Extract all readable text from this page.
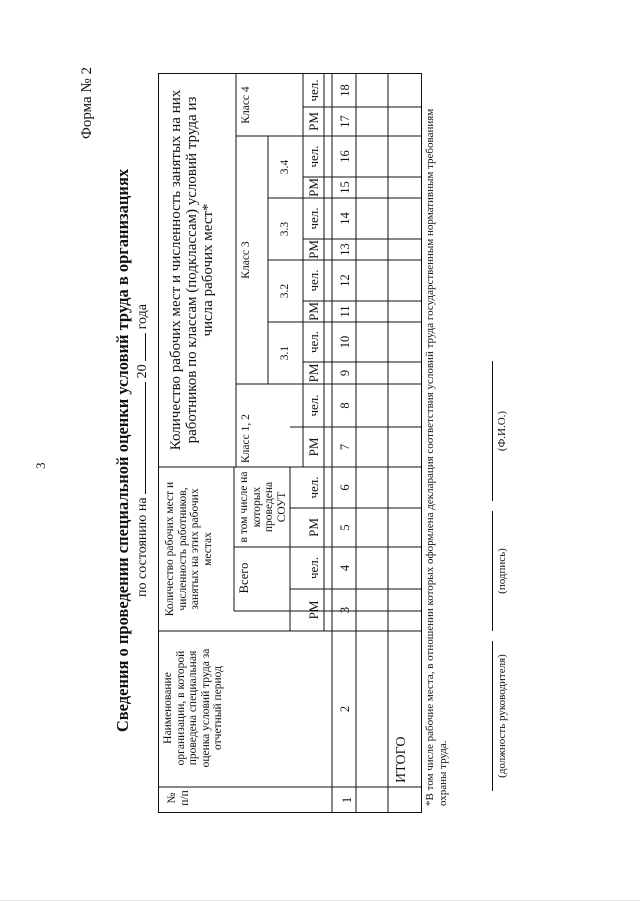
3
Форма № 2
Сведения о проведении специальной оценки условий труда в организациях по состоянию на  20  года
№ п/п
Наименование организации, в которой проведена специальная оценка условий труда за отчетный период
Количество рабочих мест и численность работников, занятых на этих рабочих местах
Всего
в том числе на которых проведена СОУТ
Количество рабочих мест и численность занятых на них работников по классам (подклассам) условий труда из числа рабочих мест*
Класс 1, 2
Класс 3
3.1
3.2
3.3
3.4
Класс 4
1
ИТОГО *В том числе рабочие места, в отношении которых оформлена декларация соответствия условий труда государственным нормативным требованиям охраны труда.	(должность руководителя)
(подпись)
(Ф.И.О.)
РМ
чел.
РМ
чел.
РМ
чел.
РМ
чел.
РМ
чел.
РМ
чел.
РМ
чел.
РМ
чел.
2
3
4
5
6
7
8
9
10
11
12
13
14
15
16
17
18
